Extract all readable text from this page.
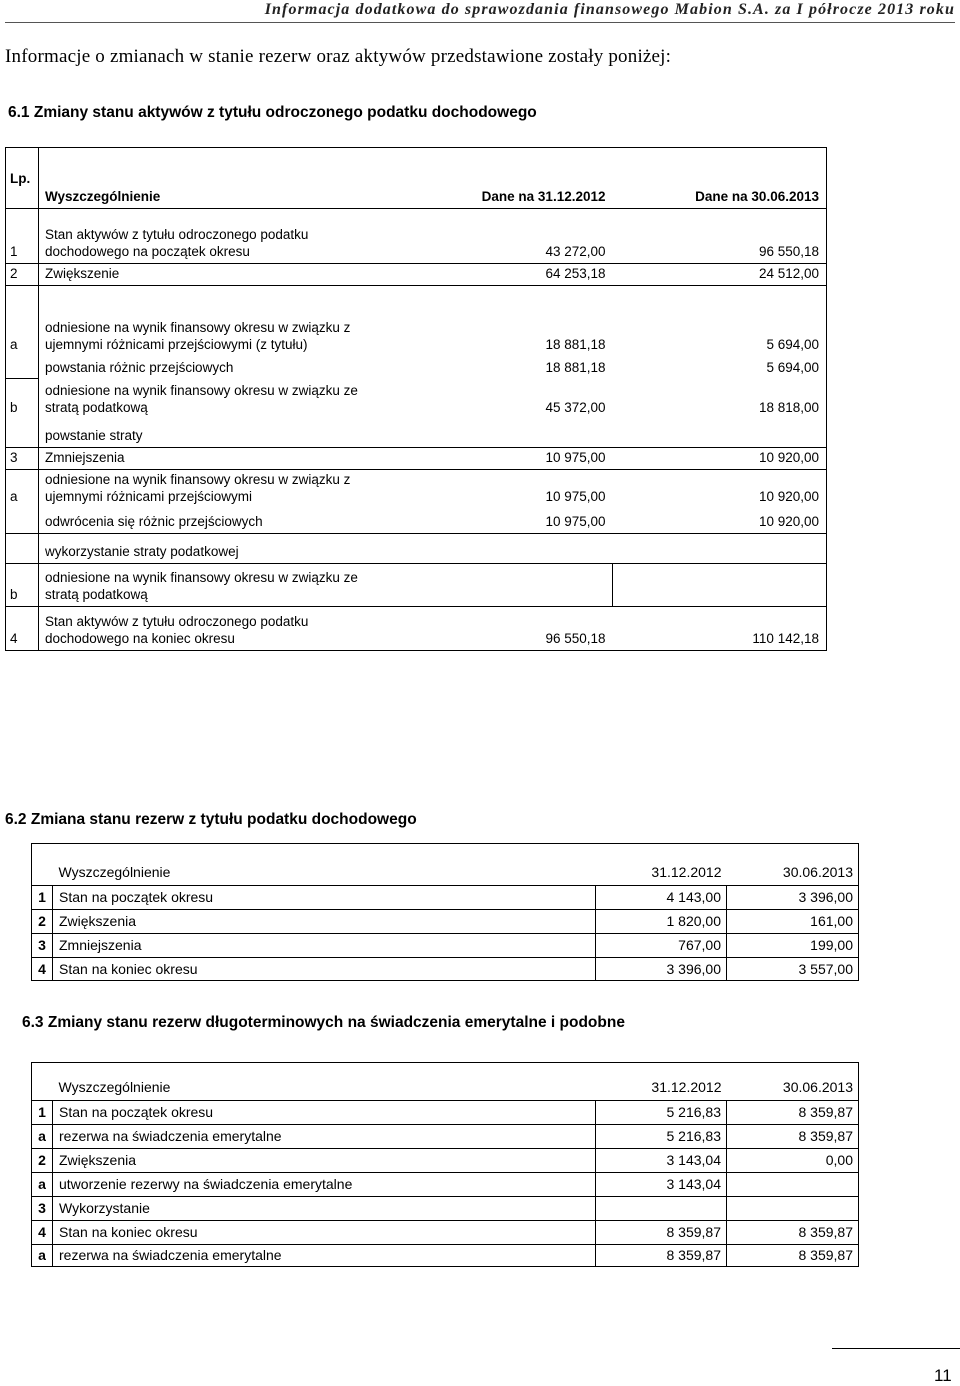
Informacja dodatkowa do sprawozdania finansowego Mabion S.A. za I półrocze 2013 roku
Informacje o zmianach w stanie rezerw oraz aktywów przedstawione zostały poniżej:
6.1 Zmiany stanu aktywów z tytułu odroczonego podatku dochodowego
Lp.	Wyszczególnienie	Dane na 31.12.2012	Dane na 30.06.2013
1	Stan aktywów z tytułu odroczonego podatku
dochodowego na początek okresu	43 272,00	96 550,18
2	Zwiększenie	64 253,18	24 512,00
a	odniesione na wynik finansowy okresu w związku z
ujemnymi różnicami przejściowymi (z tytułu)	18 881,18	5 694,00

	powstania różnic przejściowych	18 881,18	5 694,00
b	odniesione na wynik finansowy okresu w związku ze
stratą podatkową	45 372,00	18 818,00

	powstanie straty		

3	Zmniejszenia	10 975,00	10 920,00
a	odniesione na wynik finansowy okresu w związku z
ujemnymi różnicami przejściowymi	10 975,00	10 920,00

	odwrócenia się różnic przejściowych	10 975,00	10 920,00

	wykorzystanie straty podatkowej		

b	odniesione na wynik finansowy okresu w związku ze
stratą podatkową		

4	Stan aktywów z tytułu odroczonego podatku
dochodowego na koniec okresu	96 550,18	110 142,18
6.2 Zmiana stanu rezerw z tytułu podatku dochodowego
	Wyszczególnienie	31.12.2012	30.06.2013
1	Stan na początek okresu	4 143,00	3 396,00
2	Zwiększenia	1 820,00	161,00
3	Zmniejszenia	767,00	199,00
4	Stan na koniec okresu	3 396,00	3 557,00
6.3 Zmiany stanu rezerw długoterminowych na świadczenia emerytalne i podobne
	Wyszczególnienie	31.12.2012	30.06.2013
1	Stan na początek okresu	5 216,83	8 359,87
a	rezerwa na świadczenia emerytalne	5 216,83	8 359,87
2	Zwiększenia	3 143,04	0,00
a	utworzenie rezerwy na świadczenia emerytalne	3 143,04	
3	Wykorzystanie		
4	Stan na koniec okresu	8 359,87	8 359,87
a	rezerwa na świadczenia emerytalne	8 359,87	8 359,87
11
